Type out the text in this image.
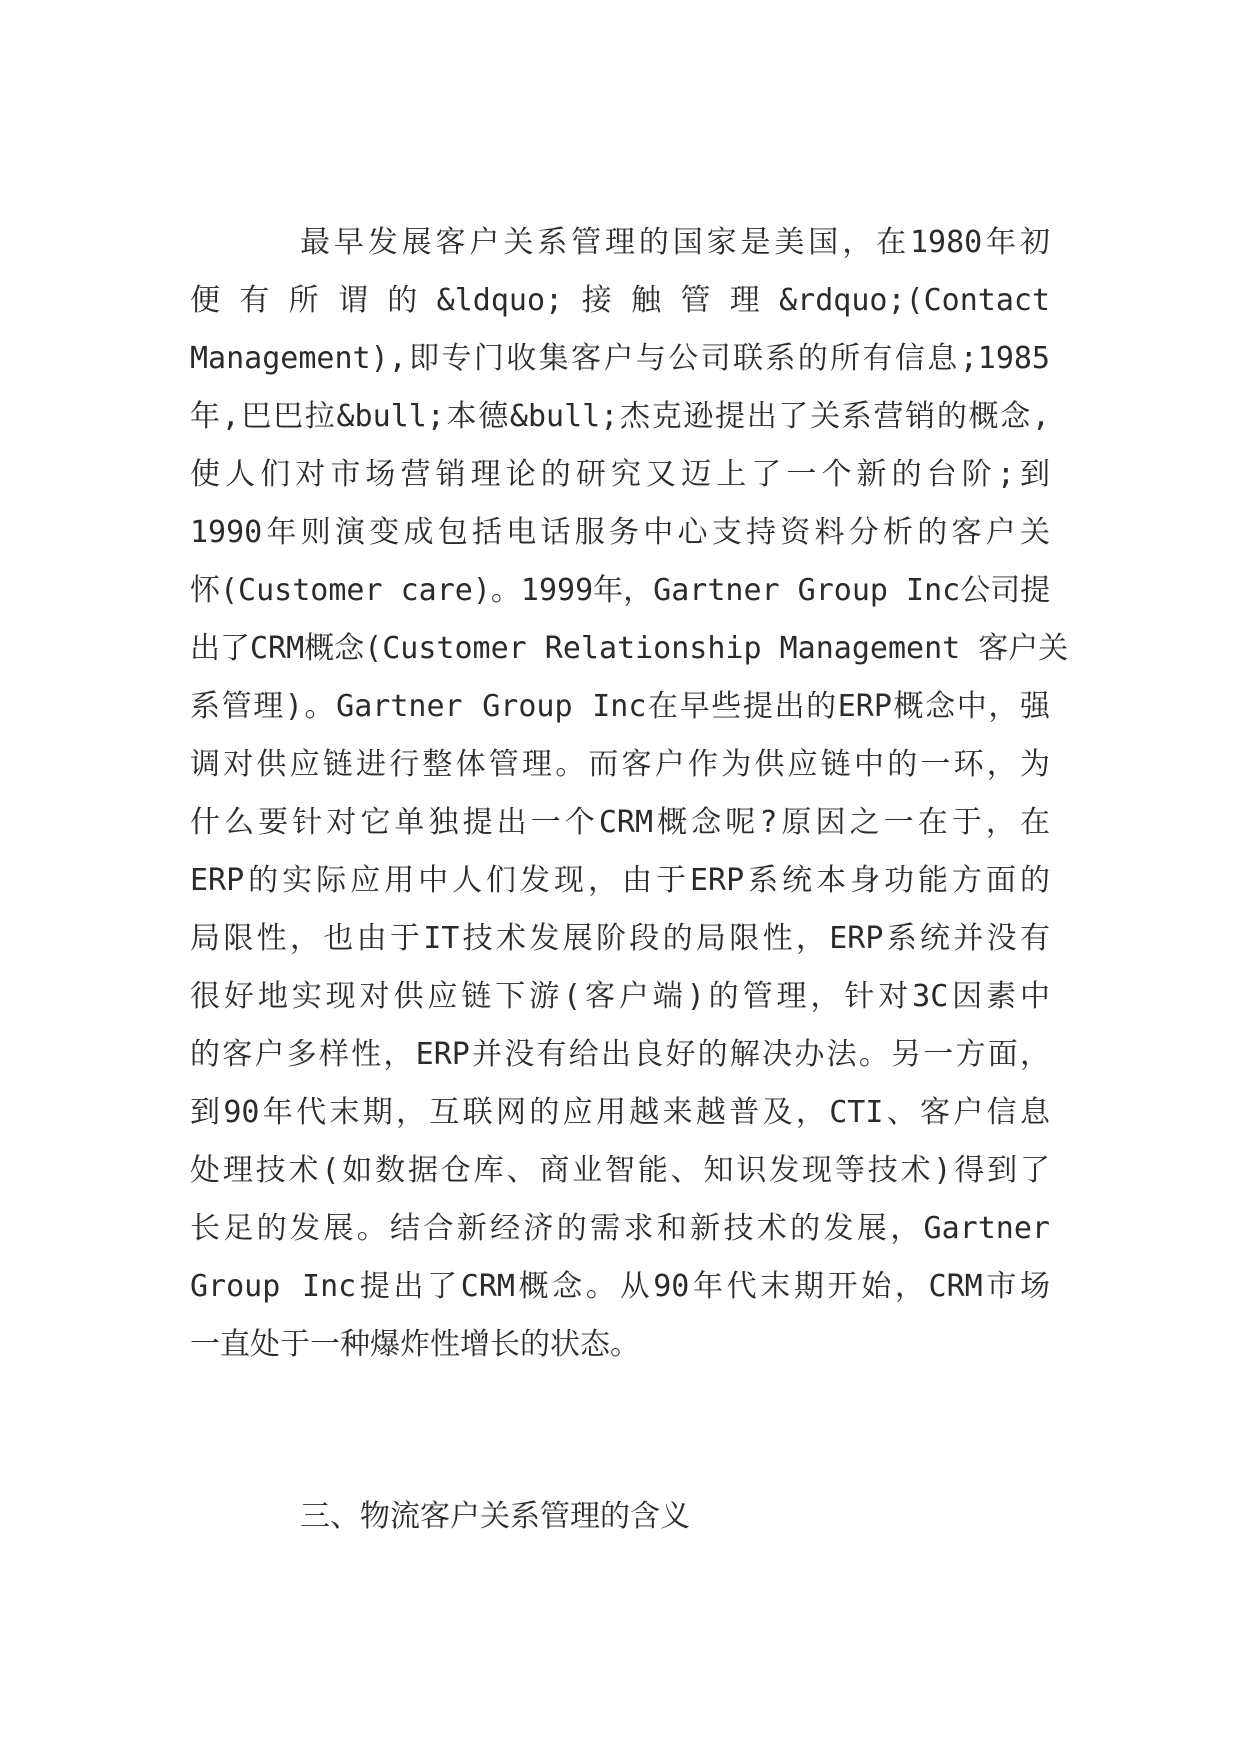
最早发展客户关系管理的国家是美国，在1980年初
便 有 所 谓 的 &ldquo; 接 触 管 理 &rdquo;(Contact
Management),即专门收集客户与公司联系的所有信息;1985
年,巴巴拉&bull;本德&bull;杰克逊提出了关系营销的概念,
使人们对市场营销理论的研究又迈上了一个新的台阶;到
1990年则演变成包括电话服务中心支持资料分析的客户关
怀(Customer care)。1999年，Gartner Group Inc公司提
出了CRM概念(Customer Relationship Management 客户关
系管理)。Gartner Group Inc在早些提出的ERP概念中，强
调对供应链进行整体管理。而客户作为供应链中的一环，为
什么要针对它单独提出一个CRM概念呢?原因之一在于，在
ERP的实际应用中人们发现，由于ERP系统本身功能方面的
局限性，也由于IT技术发展阶段的局限性，ERP系统并没有
很好地实现对供应链下游(客户端)的管理，针对3C因素中
的客户多样性，ERP并没有给出良好的解决办法。另一方面，
到90年代末期，互联网的应用越来越普及，CTI、客户信息
处理技术(如数据仓库、商业智能、知识发现等技术)得到了
长足的发展。结合新经济的需求和新技术的发展，Gartner
Group Inc提出了CRM概念。从90年代末期开始，CRM市场
一直处于一种爆炸性增长的状态。
三、物流客户关系管理的含义
